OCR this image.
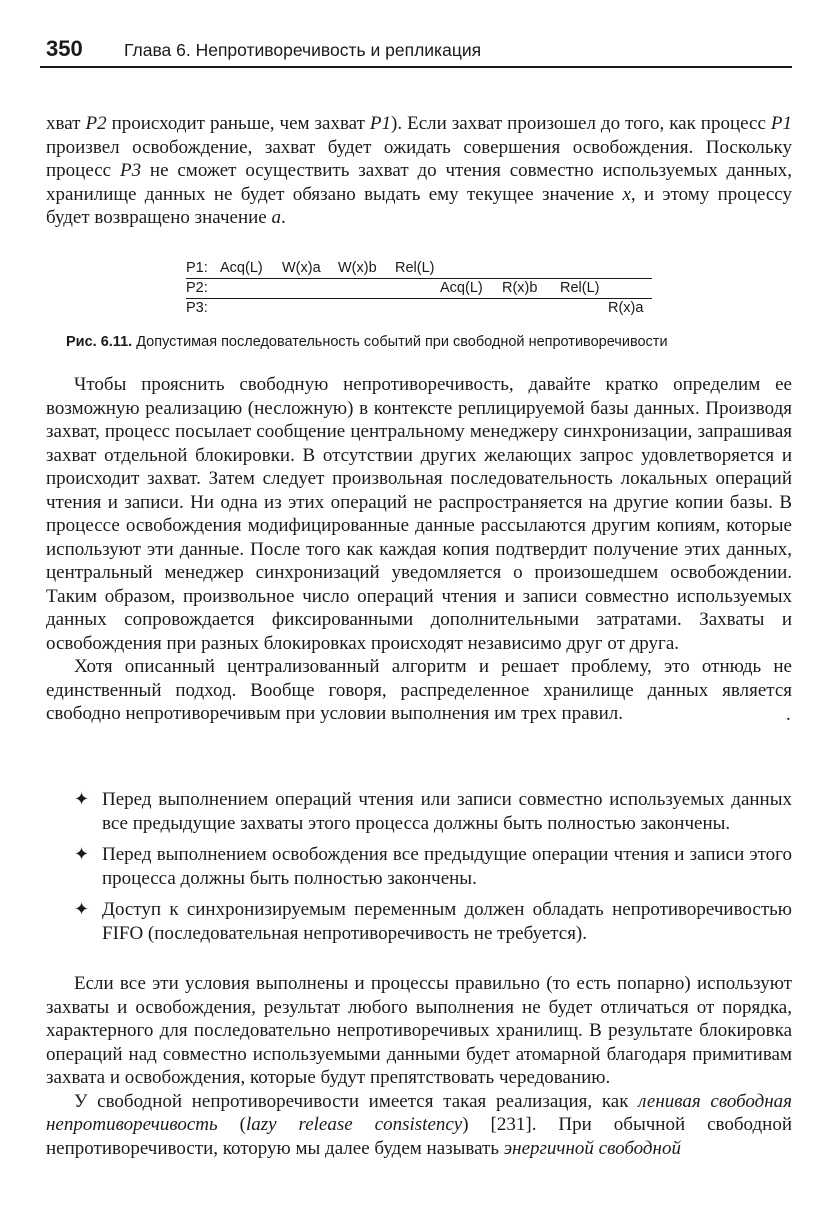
350 Глава 6. Непротиворечивость и репликация

хват P2 происходит раньше, чем захват P1). Если захват произошел до того, как процесс P1 произвел освобождение, захват будет ожидать совершения освобождения. Поскольку процесс P3 не сможет осуществить захват до чтения совместно используемых данных, хранилище данных не будет обязано выдать ему текущее значение x, и этому процессу будет возвращено значение a.

P1: Acq(L) W(x)a W(x)b Rel(L)
P2:	Acq(L) R(x)b Rel(L)
P3:	R(x)a
Рис. 6.11. Допустимая последовательность событий при свободной непротиворечивости

Чтобы прояснить свободную непротиворечивость, давайте кратко определим ее возможную реализацию (несложную) в контексте реплицируемой базы данных. Производя захват, процесс посылает сообщение центральному менеджеру синхронизации, запрашивая захват отдельной блокировки. В отсутствии других желающих запрос удовлетворяется и происходит захват. Затем следует произвольная последовательность локальных операций чтения и записи. Ни одна из этих операций не распространяется на другие копии базы. В процессе освобождения модифицированные данные рассылаются другим копиям, которые используют эти данные. После того как каждая копия подтвердит получение этих данных, центральный менеджер синхронизаций уведомляется о произошедшем освобождении. Таким образом, произвольное число операций чтения и записи совместно используемых данных сопровождается фиксированными дополнительными затратами. Захваты и освобождения при разных блокировках происходят независимо друг от друга.

Хотя описанный централизованный алгоритм и решает проблему, это отнюдь не единственный подход. Вообще говоря, распределенное хранилище данных является свободно непротиворечивым при условии выполнения им трех правил.	.
✦ Перед выполнением операций чтения или записи совместно используемых данных все предыдущие захваты этого процесса должны быть полностью закончены.
✦ Перед выполнением освобождения все предыдущие операции чтения и записи этого процесса должны быть полностью закончены.
✦ Доступ к синхронизируемым переменным должен обладать непротиворечивостью FIFO (последовательная непротиворечивость не требуется).

Если все эти условия выполнены и процессы правильно (то есть попарно) используют захваты и освобождения, результат любого выполнения не будет отличаться от порядка, характерного для последовательно непротиворечивых хранилищ. В результате блокировка операций над совместно используемыми данными будет атомарной благодаря примитивам захвата и освобождения, которые будут препятствовать чередованию.

У свободной непротиворечивости имеется такая реализация, как ленивая свободная непротиворечивость (lazy release consistency) [231]. При обычной свободной непротиворечивости, которую мы далее будем называть энергичной свободной
